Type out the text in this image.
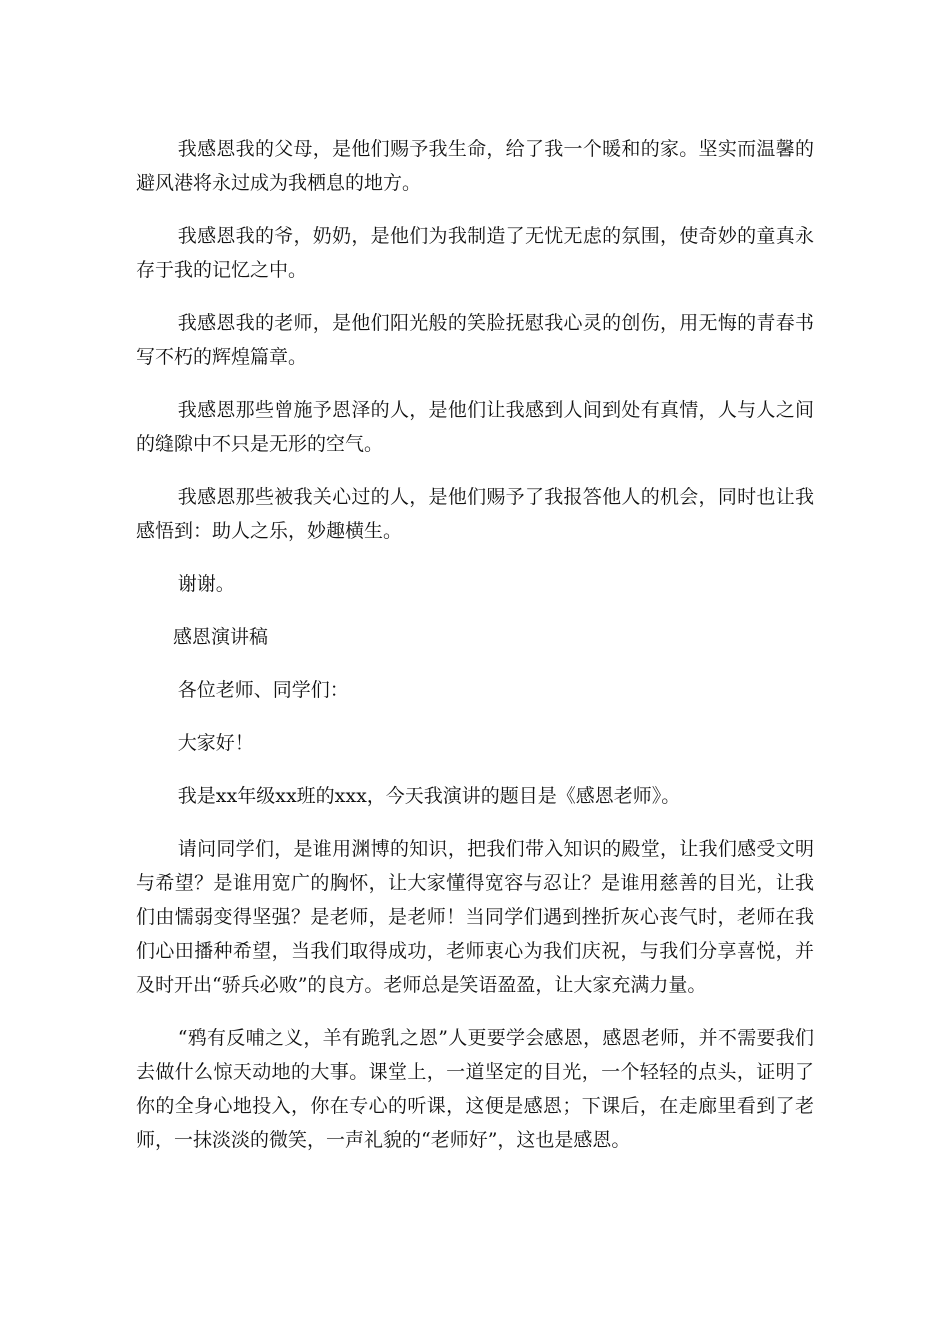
我感恩我的父母，是他们赐予我生命，给了我一个暖和的家。坚实而温馨的避风港将永过成为我栖息的地方。

我感恩我的爷，奶奶，是他们为我制造了无忧无虑的氛围，使奇妙的童真永存于我的记忆之中。

我感恩我的老师，是他们阳光般的笑脸抚慰我心灵的创伤，用无悔的青春书写不朽的辉煌篇章。

我感恩那些曾施予恩泽的人，是他们让我感到人间到处有真情，人与人之间的缝隙中不只是无形的空气。

我感恩那些被我关心过的人，是他们赐予了我报答他人的机会，同时也让我感悟到：助人之乐，妙趣横生。

谢谢。

感恩演讲稿

各位老师、同学们：

大家好！

我是xx年级xx班的xxx，今天我演讲的题目是《感恩老师》。

请问同学们，是谁用渊博的知识，把我们带入知识的殿堂，让我们感受文明与希望？是谁用宽广的胸怀，让大家懂得宽容与忍让？是谁用慈善的目光，让我们由懦弱变得坚强？是老师，是老师！当同学们遇到挫折灰心丧气时，老师在我们心田播种希望，当我们取得成功，老师衷心为我们庆祝，与我们分享喜悦，并及时开出“骄兵必败”的良方。老师总是笑语盈盈，让大家充满力量。

“鸦有反哺之义，羊有跪乳之恩”人更要学会感恩，感恩老师，并不需要我们去做什么惊天动地的大事。课堂上，一道坚定的目光，一个轻轻的点头，证明了你的全身心地投入，你在专心的听课，这便是感恩；下课后，在走廊里看到了老师，一抹淡淡的微笑，一声礼貌的“老师好”，这也是感恩。
